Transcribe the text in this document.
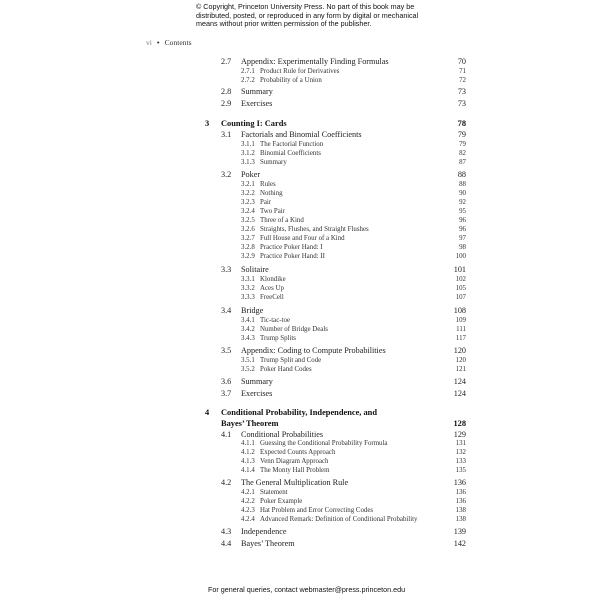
© Copyright, Princeton University Press. No part of this book may be
distributed, posted, or reproduced in any form by digital or mechanical
means without prior written permission of the publisher.
vi • Contents
2.7 Appendix: Experimentally Finding Formulas	70
2.7.1 Product Rule for Derivatives	71
2.7.2 Probability of a Union	72
2.8 Summary	73
2.9 Exercises	73
3 Counting I: Cards	78
3.1 Factorials and Binomial Coefficients	79
3.1.1 The Factorial Function	79
3.1.2 Binomial Coefficients	82
3.1.3 Summary	87
3.2 Poker	88
3.2.1 Rules	88
3.2.2 Nothing	90
3.2.3 Pair	92
3.2.4 Two Pair	95
3.2.5 Three of a Kind	96
3.2.6 Straights, Flushes, and Straight Flushes	96
3.2.7 Full House and Four of a Kind	97
3.2.8 Practice Poker Hand: I	98
3.2.9 Practice Poker Hand: II	100
3.3 Solitaire	101
3.3.1 Klondike	102
3.3.2 Aces Up	105
3.3.3 FreeCell	107
3.4 Bridge	108
3.4.1 Tic-tac-toe	109
3.4.2 Number of Bridge Deals	111
3.4.3 Trump Splits	117
3.5 Appendix: Coding to Compute Probabilities	120
3.5.1 Trump Split and Code	120
3.5.2 Poker Hand Codes	121
3.6 Summary	124
3.7 Exercises	124
4 Conditional Probability, Independence, and
Bayes’ Theorem	128
4.1 Conditional Probabilities	129
4.1.1 Guessing the Conditional Probability Formula	131
4.1.2 Expected Counts Approach	132
4.1.3 Venn Diagram Approach	133
4.1.4 The Monty Hall Problem	135
4.2 The General Multiplication Rule	136
4.2.1 Statement	136
4.2.2 Poker Example	136
4.2.3 Hat Problem and Error Correcting Codes	138
4.2.4 Advanced Remark: Definition of Conditional Probability	138
4.3 Independence	139
4.4 Bayes’ Theorem	142
For general queries, contact webmaster@press.princeton.edu
